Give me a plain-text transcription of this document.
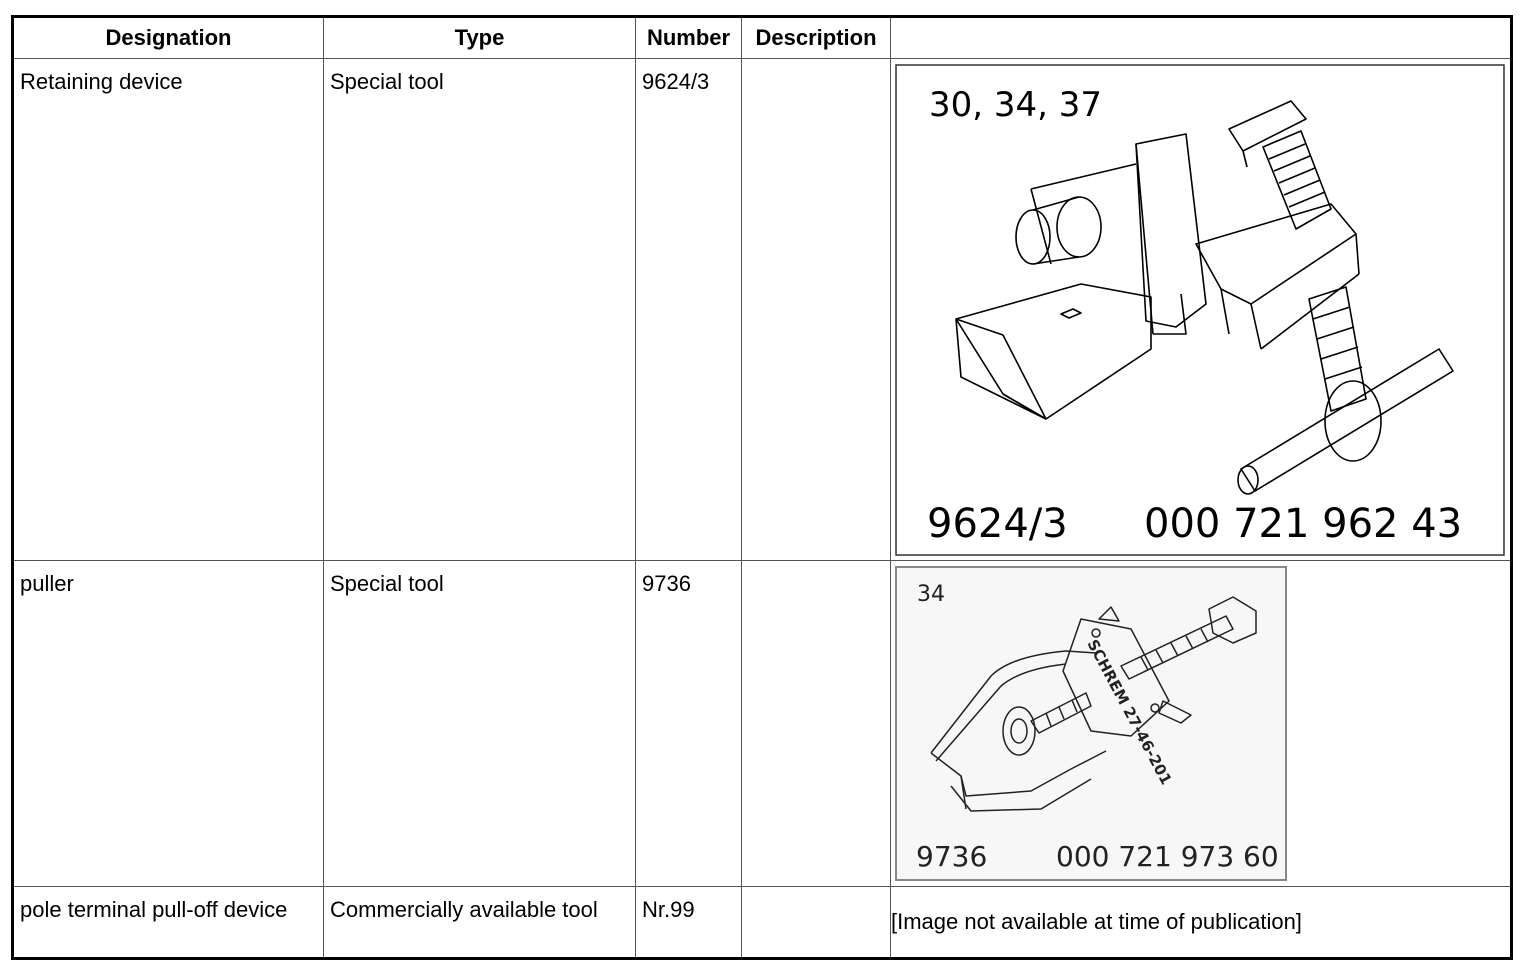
Designation	Type	Number	Description	

Retaining device	Special tool	9624/3		30, 34, 37
9624/3 000 721 962 43

puller	Special tool	9736		34
SCHREM 27-46-201
9736 000 721 973 60

pole terminal pull-off device	Commercially available tool	Nr.99		[Image not available at time of publication]
